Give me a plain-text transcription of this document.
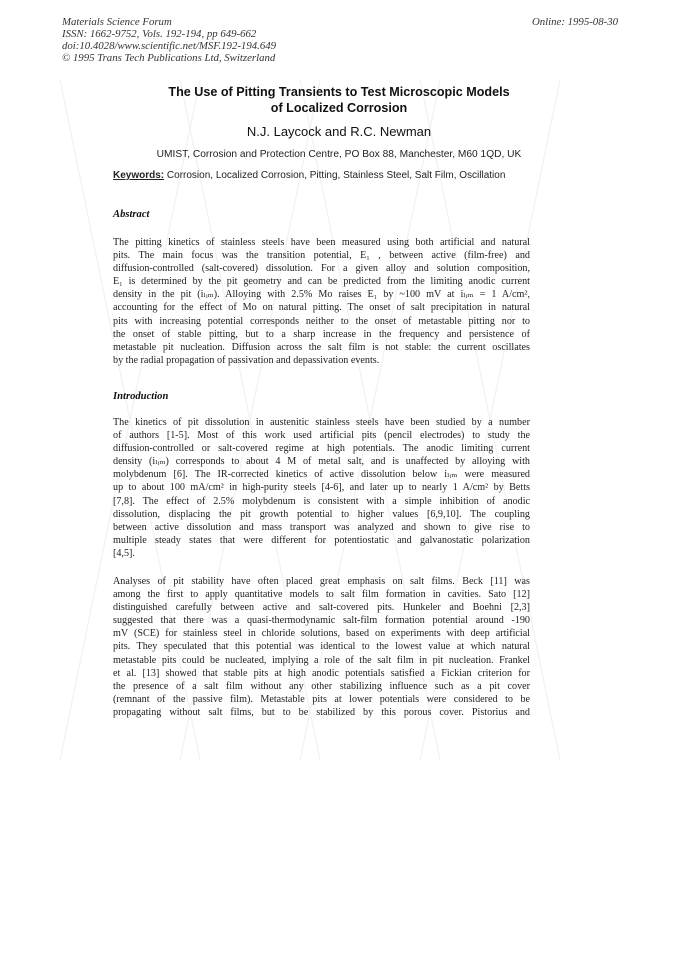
Materials Science Forum
ISSN: 1662-9752, Vols. 192-194, pp 649-662
doi:10.4028/www.scientific.net/MSF.192-194.649
© 1995 Trans Tech Publications Ltd, Switzerland
Online: 1995-08-30
The Use of Pitting Transients to Test Microscopic Models
of Localized Corrosion
N.J. Laycock and R.C. Newman
UMIST, Corrosion and Protection Centre, PO Box 88, Manchester, M60 1QD, UK
Keywords: Corrosion, Localized Corrosion, Pitting, Stainless Steel, Salt Film, Oscillation
Abstract

The pitting kinetics of stainless steels have been measured using both artificial and natural
pits. The main focus was the transition potential, E₁ , between active (film-free) and
diffusion-controlled (salt-covered) dissolution. For a given alloy and solution composition,
E₁ is determined by the pit geometry and can be predicted from the limiting anodic current
density in the pit (iₗᵢₘ). Alloying with 2.5% Mo raises E₁ by ~100 mV at iₗᵢₘ = 1 A/cm²,
accounting for the effect of Mo on natural pitting. The onset of salt precipitation in natural
pits with increasing potential corresponds neither to the onset of metastable pitting nor to
the onset of stable pitting, but to a sharp increase in the frequency and persistence of
metastable pit nucleation. Diffusion across the salt film is not stable: the current oscillates
by the radial propagation of passivation and depassivation events.

Introduction

The kinetics of pit dissolution in austenitic stainless steels have been studied by a number
of authors [1-5]. Most of this work used artificial pits (pencil electrodes) to study the
diffusion-controlled or salt-covered regime at high potentials. The anodic limiting current
density (iₗᵢₘ) corresponds to about 4 M of metal salt, and is unaffected by alloying with
molybdenum [6]. The IR-corrected kinetics of active dissolution below iₗᵢₘ were measured
up to about 100 mA/cm² in high-purity steels [4-6], and later up to nearly 1 A/cm² by Betts
[7,8]. The effect of 2.5% molybdenum is consistent with a simple inhibition of anodic
dissolution, displacing the pit growth potential to higher values [6,9,10]. The coupling
between active dissolution and mass transport was analyzed and shown to give rise to
multiple steady states that were different for potentiostatic and galvanostatic polarization
[4,5].

Analyses of pit stability have often placed great emphasis on salt films. Beck [11] was
among the first to apply quantitative models to salt film formation in cavities. Sato [12]
distinguished carefully between active and salt-covered pits. Hunkeler and Boehni [2,3]
suggested that there was a quasi-thermodynamic salt-film formation potential around -190
mV (SCE) for stainless steel in chloride solutions, based on experiments with deep artificial
pits. They speculated that this potential was identical to the lowest value at which natural
metastable pits could be nucleated, implying a role of the salt film in pit nucleation. Frankel
et al. [13] showed that stable pits at high anodic potentials satisfied a Fickian criterion for
the presence of a salt film without any other stabilizing influence such as a pit cover
(remnant of the passive film). Metastable pits at lower potentials were considered to be
propagating without salt films, but to be stabilized by this porous cover. Pistorius and
